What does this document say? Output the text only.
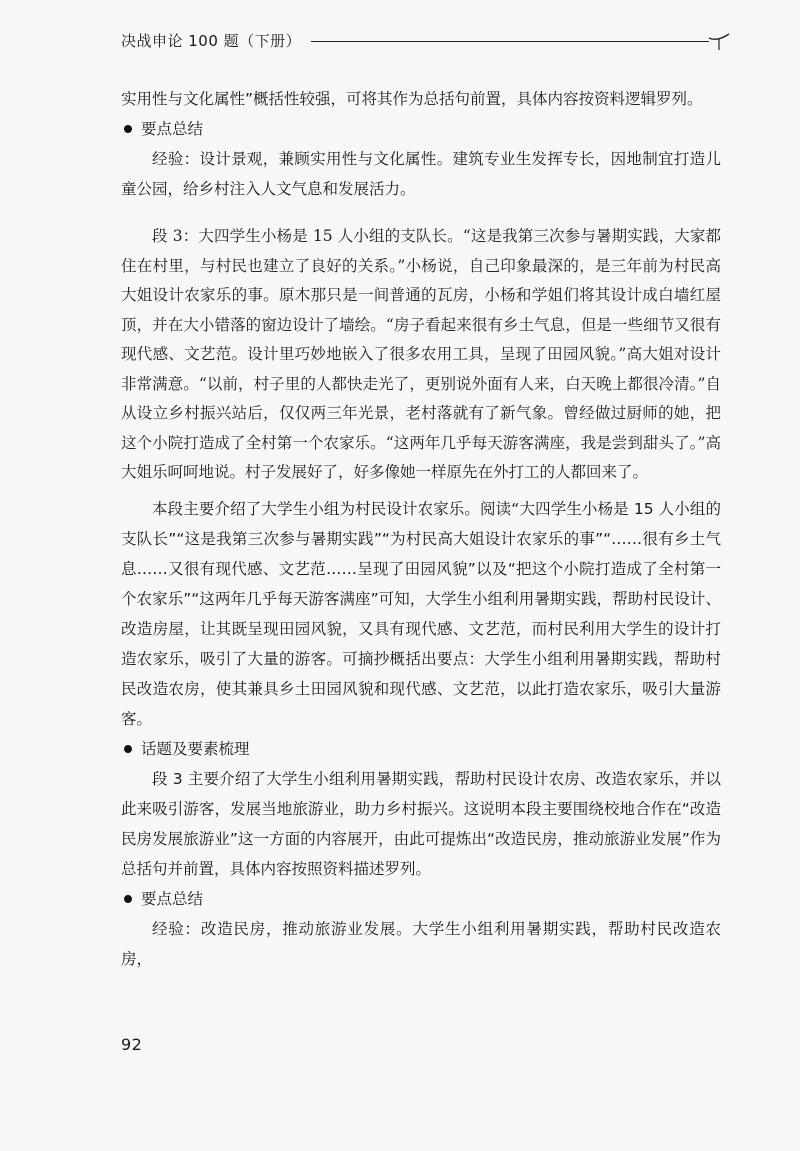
决战申论 100 题（下册）

实用性与文化属性”概括性较强，可将其作为总括句前置，具体内容按资料逻辑罗列。

要点总结

经验：设计景观，兼顾实用性与文化属性。建筑专业生发挥专长，因地制宜打造儿童公园，给乡村注入人文气息和发展活力。

段 3：大四学生小杨是 15 人小组的支队长。“这是我第三次参与暑期实践，大家都住在村里，与村民也建立了良好的关系。”小杨说，自己印象最深的，是三年前为村民高大姐设计农家乐的事。原木那只是一间普通的瓦房，小杨和学姐们将其设计成白墙红屋顶，并在大小错落的窗边设计了墙绘。“房子看起来很有乡土气息，但是一些细节又很有现代感、文艺范。设计里巧妙地嵌入了很多农用工具，呈现了田园风貌。”高大姐对设计非常满意。“以前，村子里的人都快走光了，更别说外面有人来，白天晚上都很冷清。”自从设立乡村振兴站后，仅仅两三年光景，老村落就有了新气象。曾经做过厨师的她，把这个小院打造成了全村第一个农家乐。“这两年几乎每天游客满座，我是尝到甜头了。”高大姐乐呵呵地说。村子发展好了，好多像她一样原先在外打工的人都回来了。

本段主要介绍了大学生小组为村民设计农家乐。阅读“大四学生小杨是 15 人小组的支队长”“这是我第三次参与暑期实践”“为村民高大姐设计农家乐的事”“……很有乡土气息……又很有现代感、文艺范……呈现了田园风貌”以及“把这个小院打造成了全村第一个农家乐”“这两年几乎每天游客满座”可知，大学生小组利用暑期实践，帮助村民设计、改造房屋，让其既呈现田园风貌，又具有现代感、文艺范，而村民利用大学生的设计打造农家乐，吸引了大量的游客。可摘抄概括出要点：大学生小组利用暑期实践，帮助村民改造农房，使其兼具乡土田园风貌和现代感、文艺范，以此打造农家乐，吸引大量游客。

话题及要素梳理

段 3 主要介绍了大学生小组利用暑期实践，帮助村民设计农房、改造农家乐，并以此来吸引游客，发展当地旅游业，助力乡村振兴。这说明本段主要围绕校地合作在“改造民房发展旅游业”这一方面的内容展开，由此可提炼出“改造民房，推动旅游业发展”作为总括句并前置，具体内容按照资料描述罗列。

要点总结

经验：改造民房，推动旅游业发展。大学生小组利用暑期实践，帮助村民改造农房，

92
